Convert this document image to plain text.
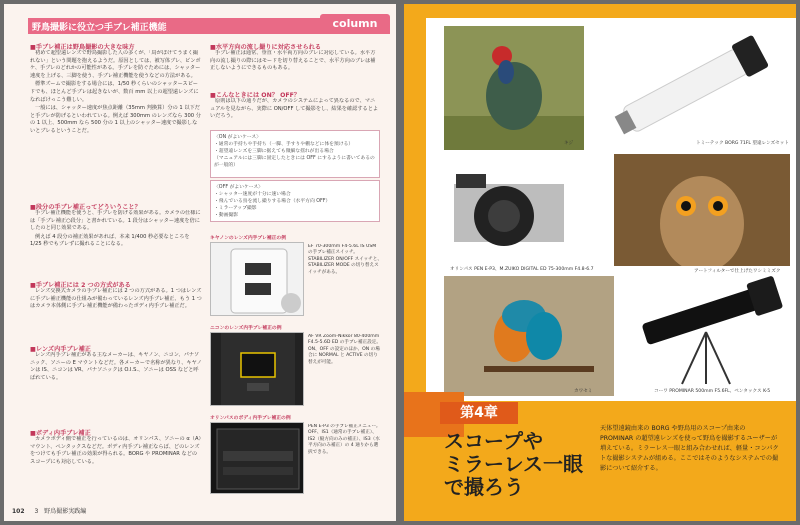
野鳥撮影に役立つ手ブレ補正機能	column
■手ブレ補正は野鳥撮影の大きな味方

初めて超望遠レンズで野鳥撮影した人の多くが、「鳥がぼけてうまく撮れない」という問題を抱えるようだ。原因としては、被写体ブレ、ピンボケ、手ブレのどれかの可能性がある。手ブレを防ぐためには、シャッター速度を上げる、三脚を使う、手ブレ補正機能を使うなどの方法がある。

標準ズームで撮影をする場合には、1/50 秒くらいのシャッタースピードでも、ほとんど手ブレは起きないが、数百 mm 以上の超望遠レンズになればけっこう難しい。

一般には、シャッター速度が焦点距離（35mm 判換算）分の 1 以下だと手ブレが防げるといわれている。例えば 300mm のレンズなら 300 分の 1 以上、500mm なら 500 分の 1 以上のシャッター速度で撮影しないとブレるということだ。

■段分の手ブレ補正ってどういうこと？

手ブレ補正機能を使うと、手ブレを防げる効果がある。カメラの仕様には「手ブレ補正○段分」と書かれている。1 段分はシャッター速度を倍にしたのと同じ効果である。

例えば 4 段分の補正効果があれば、本来 1/400 秒必要なところを 1/25 秒でもブレずに撮れることになる。

■手ブレ補正には 2 つの方式がある

レンズ交換式カメラの手ブレ補正には 2 つの方式がある。1 つはレンズに手ブレ補正機能の仕組みが備わっているレンズ内手ブレ補正、もう 1 つはカメラ本体側に手ブレ補正機能が備わったボディ内手ブレ補正だ。

■レンズ内手ブレ補正

レンズ内手ブレ補正がある主なメーカーは、キヤノン、ニコン、パナソニック、ソニーの E マウントなどだ。各メーカーで名称が異なり、キヤノンは IS、ニコンは VR、パナソニックは O.I.S.、ソニーは OSS などと呼ばれている。

■ボディ内手ブレ補正

カメラボディ側で補正を行っているのは、オリンパス、ソニーの α（A）マウント、ペンタックスなどだ。ボディ内手ブレ補正ならば、どのレンズをつけても手ブレ補正の効果が得られる。BORG や PROMINAR などのスコープにも対応している。

■水平方向の流し撮りに対応させられる

手ブレ補正は通常、垂直・水平両方向のブレに対応している。水平方向の流し撮りの際にはモードを切り替えることで、水平方向のブレは補正しないようにできるものもある。

■こんなときには ON？ OFF？

原則は以下の通りだが、カメラのシステムによって異なるので、マニュアルを見ながら、実際に ON/OFF して撮影をし、結果を確認するとよいだろう。

〈ON がよいケース〉
・通常の手持ちや手持ち（一脚、手すりや棚などに体を預ける）
・超望遠レンズを三脚に据えても微細な揺れが出る場合
（マニュアルには三脚に固定したときには OFF にするように書いてあるのが一般的）
〈OFF がよいケース〉
・シャッター速度が十分に速い場合
・飛んでいる鳥を流し撮りする場合（水平方向 OFF）
・ミラーアップ撮影
・動画撮影
キヤノンのレンズ内手ブレ補正の例
EF 70-300mm F4-5.6L IS USM の手ブレ補正スイッチ。STABILIZER ON/OFF スイッチと、STABILIZER MODE の切り替えスイッチがある。
ニコンのレンズ内手ブレ補正の例
AF VR Zoom-Nikkor 80-400mm F4.5-5.6D ED の手ブレ補正設定。ON、OFF の設定のほか、ON の場合に NORMAL と ACTIVE の切り替えが可能。
オリンパスのボディ内手ブレ補正の例
PEN E-P3 の手ブレ補正メニュー。OFF、IS1（通常の手ブレ補正）、IS2（縦方向のみの補正）、IS3（水平方向のみ補正）の 4 通りから選択できる。
102 3　野鳥撮影実践編
キジ	トミーテック BORG 71FL 望遠レンズセット
オリンパス PEN E-P3、M.ZUIKO DIGITAL ED 75-300mm F4.8-6.7	アートフィルターで仕上げたワシミミズク
カワセミ	コーワ PROMINAR 500mm F5.6FL、ペンタックス K-5
第4章
スコープや
ミラーレス一眼
で撮ろう
天体望遠鏡由来の BORG や野鳥用のスコープ由来の PROMINAR の超望遠レンズを使って野鳥を撮影するユーザーが増えている。ミラーレス一眼と組み合わせれば、軽量・コンパクトな撮影システムが組める。ここではそのようなシステムでの撮影について紹介する。
